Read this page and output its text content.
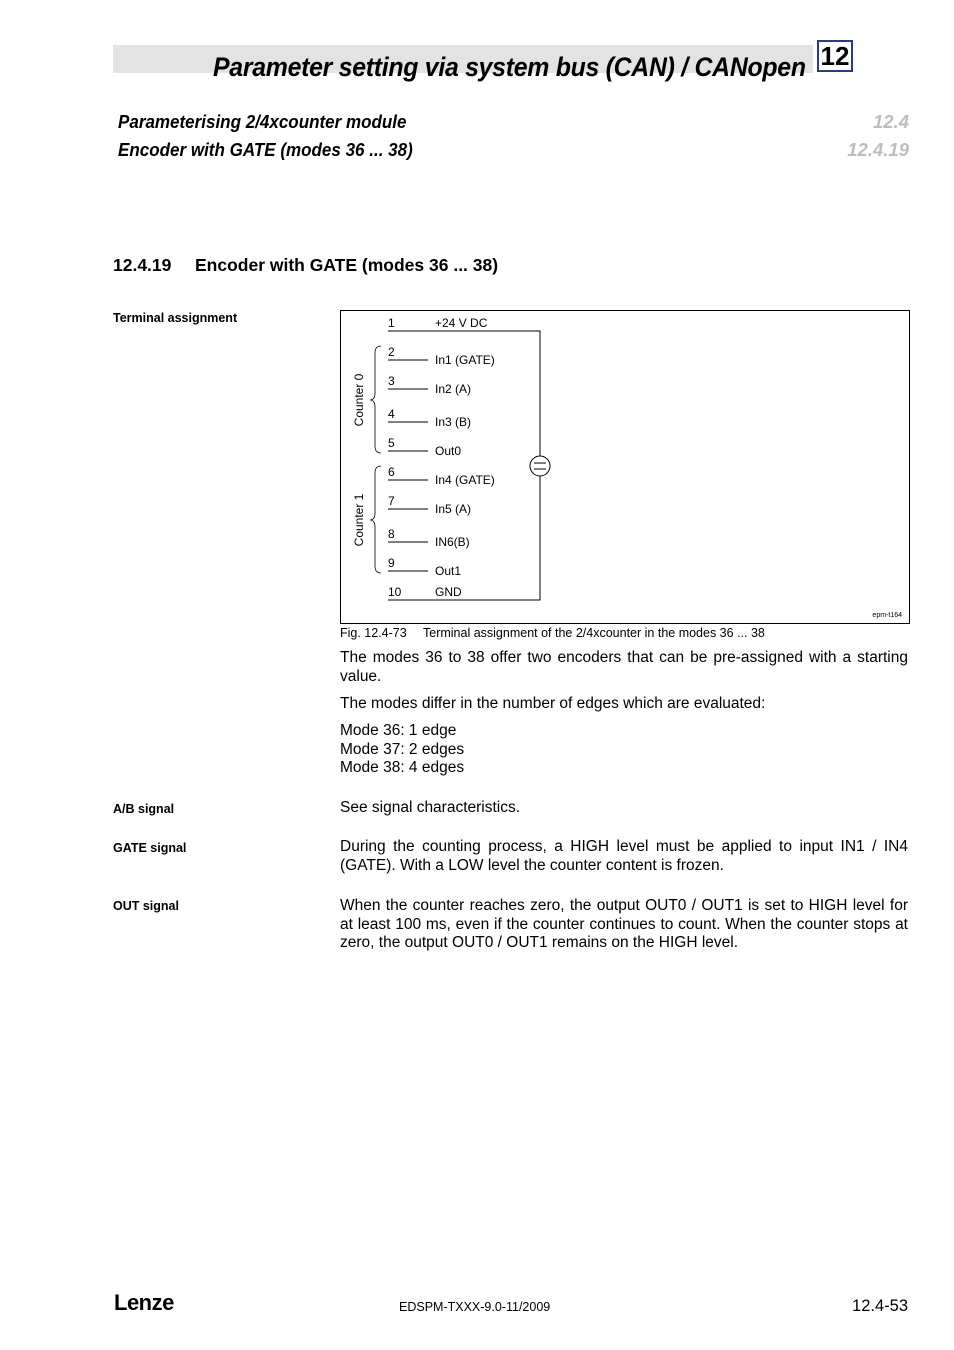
Parameter setting via system bus (CAN) / CANopen 12
Parameterising 2/4xcounter module	12.4
Encoder with GATE (modes 36 ... 38)	12.4.19
12.4.19 Encoder with GATE (modes 36 ... 38)
Terminal assignment
A/B signal
GATE signal
OUT signal
1
2
3
4
5
6
7
8
9
10
+24 V DC
In1 (GATE)
In2 (A)
In3 (B)
Out0
In4 (GATE)
In5 (A)
IN6(B)
Out1
GND
Counter 0
Counter 1
epm-t164
Fig. 12.4-73 Terminal assignment of the 2/4xcounter in the modes 36 ... 38

The modes 36 to 38 offer two encoders that can be pre-assigned with a starting value.

The modes differ in the number of edges which are evaluated:

Mode 36: 1 edge

Mode 37: 2 edges

Mode 38: 4 edges

See signal characteristics.

During the counting process, a HIGH level must be applied to input IN1 / IN4 (GATE). With a LOW level the counter content is frozen.

When the counter reaches zero, the output OUT0 / OUT1 is set to HIGH level for at least 100 ms, even if the counter continues to count. When the counter stops at zero, the output OUT0 / OUT1 remains on the HIGH level.

Lenze	EDSPM-TXXX-9.0-11/2009	12.4-53
